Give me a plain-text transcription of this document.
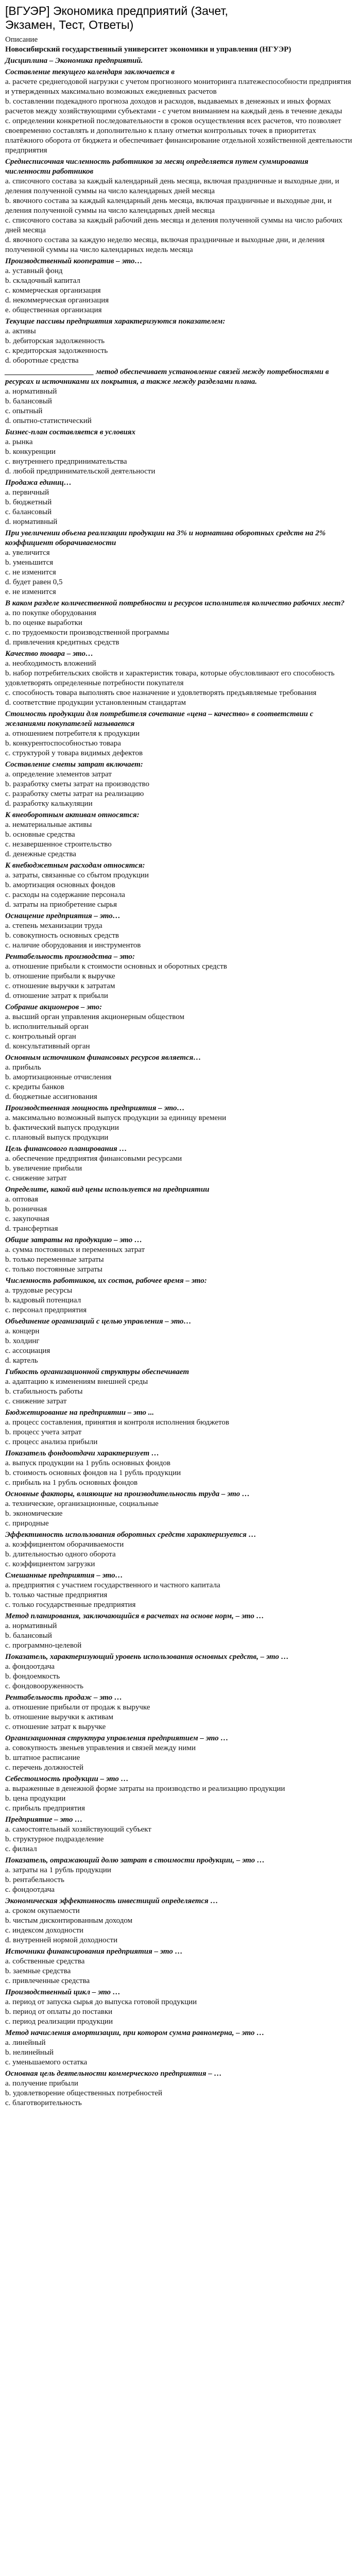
[ВГУЭР] Экономика предприятий (Зачет, Экзамен, Тест, Ответы)
Описание
Новосибирский государственный университет экономики и управления (НГУЭР)
Дисциплина – Экономика предприятий.
Составление текущего календаря заключается в
a. расчете среднегодовой нагрузки с учетом прогнозного мониторинга платежеспособности предприятия и утвержденных максимально возможных ежедневных расчетов
b. составлении подекадного прогноза доходов и расходов, выдаваемых в денежных и иных формах расчетов между хозяйствующими субъектами - с учетом вниманием на каждый день в течение декады
c. определении конкретной последовательности в сроков осуществления всех расчетов, что позволяет своевременно составлять и дополнительно к плану отметки контрольных точек в приоритетах платёжного оборота от бюджета и обеспечивает финансирование отдельной хозяйственной деятельности предприятия
Среднесписочная численность работников за месяц определяется путем суммирования численности работников
a. списочного состава за каждый календарный день месяца, включая праздничные и выходные дни, и деления полученной суммы на число календарных дней месяца
b. явочного состава за каждый календарный день месяца, включая праздничные и выходные дни, и деления полученной суммы на число календарных дней месяца
c. списочного состава за каждый рабочий день месяца и деления полученной суммы на число рабочих дней месяца
d. явочного состава за каждую неделю месяца, включая праздничные и выходные дни, и деления полученной суммы на число календарных недель месяца
Производственный кооператив – это…
a. уставный фонд
b. складочный капитал
c. коммерческая организация
d. некоммерческая организация
e. общественная организация
Текущие пассивы предприятия характеризуются показателем:
a. активы
b. дебиторская задолженность
c. кредиторская задолженность
d. оборотные средства
_______________________ метод обеспечивает установление связей между потребностями в ресурсах и источниками их покрытия, а также между разделами плана.
a. нормативный
b. балансовый
c. опытный
d. опытно-статистический
Бизнес-план составляется в условиях
a. рынка
b. конкуренции
c. внутреннего предпринимательства
d. любой предпринимательской деятельности
Продажа единиц…
a. первичный
b. бюджетный
c. балансовый
d. нормативный
При увеличении объема реализации продукции на 3% и норматива оборотных средств на 2% коэффициент оборачиваемости
a. увеличится
b. уменьшится
c. не изменится
d. будет равен 0,5
e. не изменится
В каком разделе количественной потребности и ресурсов исполнителя количество рабочих мест?
a. по покупке оборудования
b. по оценке выработки
c. по трудоемкости производственной программы
d. привлечения кредитных средств
Качество товара – это…
a. необходимость вложений
b. набор потребительских свойств и характеристик товара, которые обусловливают его способность удовлетворять определенные потребности покупателя
c. способность товара выполнять свое назначение и удовлетворять предъявляемые требования
d. соответствие продукции установленным стандартам
Стоимость продукции для потребителя сочетание «цена – качество» в соответствии с желаниями покупателей называется
a. отношением потребителя к продукции
b. конкурентоспособностью товара
c. структурой у товара видимых дефектов
Составление сметы затрат включает:
a. определение элементов затрат
b. разработку сметы затрат на производство
c. разработку сметы затрат на реализацию
d. разработку калькуляции
К внеоборотным активам относятся:
a. нематериальные активы
b. основные средства
c. незавершенное строительство
d. денежные средства
К внебюджетным расходам относятся:
a. затраты, связанные со сбытом продукции
b. амортизация основных фондов
c. расходы на содержание персонала
d. затраты на приобретение сырья
Оснащение предприятия – это…
a. степень механизации труда
b. совокупность основных средств
c. наличие оборудования и инструментов
Рентабельность производства – это:
a. отношение прибыли к стоимости основных и оборотных средств
b. отношение прибыли к выручке
c. отношение выручки к затратам
d. отношение затрат к прибыли
Собрание акционеров – это:
a. высший орган управления акционерным обществом
b. исполнительный орган
c. контрольный орган
d. консультативный орган
Основным источником финансовых ресурсов является…
a. прибыль
b. амортизационные отчисления
c. кредиты банков
d. бюджетные ассигнования
Производственная мощность предприятия – это…
a. максимально возможный выпуск продукции за единицу времени
b. фактический выпуск продукции
c. плановый выпуск продукции
Цель финансового планирования …
a. обеспечение предприятия финансовыми ресурсами
b. увеличение прибыли
c. снижение затрат
Определите, какой вид цены используется на предприятии
a. оптовая
b. розничная
c. закупочная
d. трансфертная
Общие затраты на продукцию – это …
a. сумма постоянных и переменных затрат
b. только переменные затраты
c. только постоянные затраты
Численность работников, их состав, рабочее время – это:
a. трудовые ресурсы
b. кадровый потенциал
c. персонал предприятия
Объединение организаций с целью управления – это…
a. концерн
b. холдинг
c. ассоциация
d. картель
Гибкость организационной структуры обеспечивает
a. адаптацию к изменениям внешней среды
b. стабильность работы
c. снижение затрат
Бюджетирование на предприятии – это ...
a. процесс составления, принятия и контроля исполнения бюджетов
b. процесс учета затрат
c. процесс анализа прибыли
Показатель фондоотдачи характеризует …
a. выпуск продукции на 1 рубль основных фондов
b. стоимость основных фондов на 1 рубль продукции
c. прибыль на 1 рубль основных фондов
Основные факторы, влияющие на производительность труда – это …
a. технические, организационные, социальные
b. экономические
c. природные
Эффективность использования оборотных средств характеризуется …
a. коэффициентом оборачиваемости
b. длительностью одного оборота
c. коэффициентом загрузки
Смешанные предприятия – это…
a. предприятия с участием государственного и частного капитала
b. только частные предприятия
c. только государственные предприятия
Метод планирования, заключающийся в расчетах на основе норм, – это …
a. нормативный
b. балансовый
c. программно-целевой
Показатель, характеризующий уровень использования основных средств, – это …
a. фондоотдача
b. фондоемкость
c. фондовооруженность
Рентабельность продаж – это …
a. отношение прибыли от продаж к выручке
b. отношение выручки к активам
c. отношение затрат к выручке
Организационная структура управления предприятием – это …
a. совокупность звеньев управления и связей между ними
b. штатное расписание
c. перечень должностей
Себестоимость продукции – это …
a. выраженные в денежной форме затраты на производство и реализацию продукции
b. цена продукции
c. прибыль предприятия
Предприятие – это …
a. самостоятельный хозяйствующий субъект
b. структурное подразделение
c. филиал
Показатель, отражающий долю затрат в стоимости продукции, – это …
a. затраты на 1 рубль продукции
b. рентабельность
c. фондоотдача
Экономическая эффективность инвестиций определяется …
a. сроком окупаемости
b. чистым дисконтированным доходом
c. индексом доходности
d. внутренней нормой доходности
Источники финансирования предприятия – это …
a. собственные средства
b. заемные средства
c. привлеченные средства
Производственный цикл – это …
a. период от запуска сырья до выпуска готовой продукции
b. период от оплаты до поставки
c. период реализации продукции
Метод начисления амортизации, при котором сумма равномерна, – это …
a. линейный
b. нелинейный
c. уменьшаемого остатка
Основная цель деятельности коммерческого предприятия – …
a. получение прибыли
b. удовлетворение общественных потребностей
c. благотворительность
